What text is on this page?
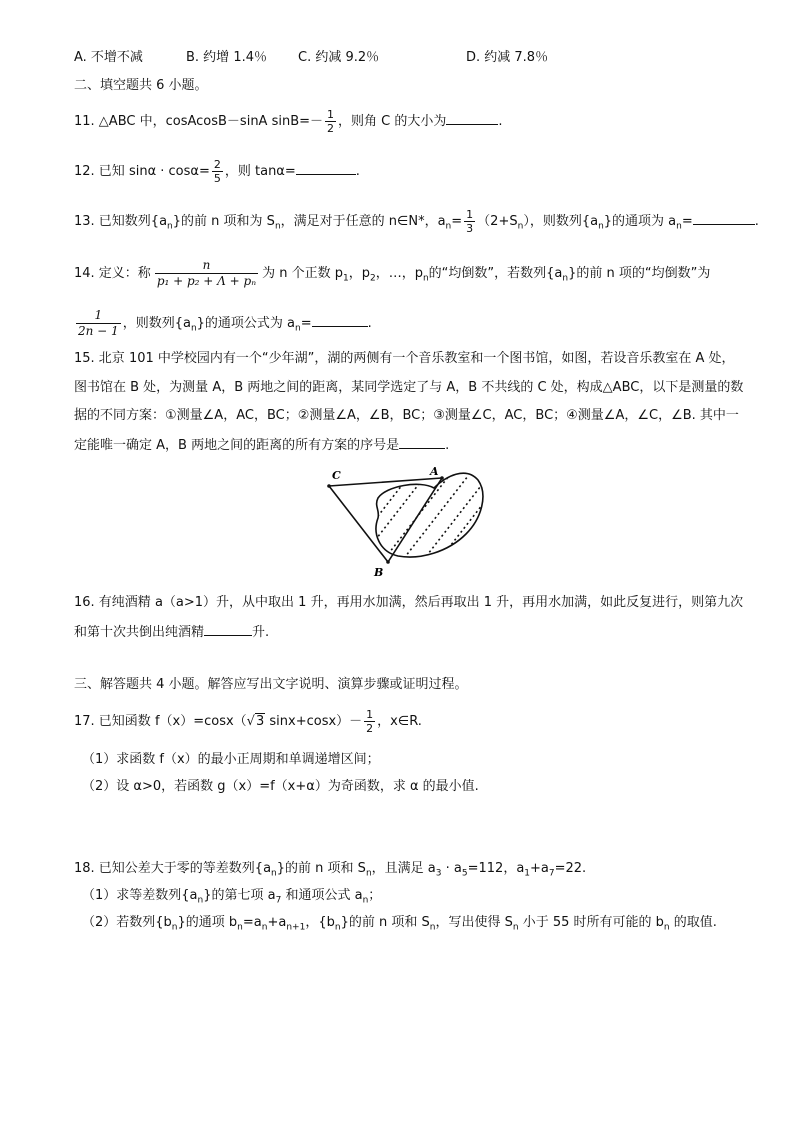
A. 不增不减	B. 约增 1.4％ C. 约减 9.2％	D. 约减 7.8％
二、填空题共 6 小题。
11. △ABC 中，cosAcosB－sinA $\sin B=- \frac{1}{2}$ ，则角 C 的大小为	.
12. 已知 $\sin\alpha \cdot \cos\alpha= \frac{2}{5}$ ，则 tanα=	.
13. 已知数列$\{a_n\}$的前 n 项和为 $S_n$，满足对于任意的 n∈N*，$a_n= \frac{1}{3} (2+S_n)$，则数列$\{a_n\}$的通项为 $a_n=$	.
14. 定义：称 $\frac{n}{\text{p₁ + p₂ + Λ + pₙ}}$ 为 n 个正数 $p_1$，$p_2$，…，$p_n$的“均倒数”，若数列$\{a_n\}$的前 n 项的“均倒数”为
$\frac{1}{2n - 1}$ ，则数列$\{a_n\}$的通项公式为 $a_n=$	.
15. 北京 101 中学校园内有一个“少年湖”，湖的两侧有一个音乐教室和一个图书馆，如图，若设音乐教室在 A 处，
图书馆在 B 处，为测量 A，B 两地之间的距离，某同学选定了与 A，B 不共线的 C 处，构成△ABC，以下是测量的数
据的不同方案：①测量∠A，AC，BC；②测量∠A，∠B，BC；③测量∠C，AC，BC；④测量∠A，∠C，∠B. 其中一
定能唯一确定 A，B 两地之间的距离的所有方案的序号是	.
C	A
B
16. 有纯酒精 a（a>1）升，从中取出 1 升，再用水加满，然后再取出 1 升，再用水加满，如此反复进行，则第九次
和第十次共倒出纯酒精	升.
三、解答题共 4 小题。解答应写出文字说明、演算步骤或证明过程。
17. 已知函数 f（x）=cosx（√3 $\sin x+\cos x)- \frac{1}{2}$ ，x∈R.
（1）求函数 f（x）的最小正周期和单调递增区间；
（2）设 α>0，若函数 g（x）=f（x+α）为奇函数，求 α 的最小值.
18. 已知公差大于零的等差数列$\{a_n\}$的前 n 项和 $S_n$，且满足 $a_3 \cdot a_5=112$，$a_1+a_7=22$.
（1）求等差数列$\{a_n\}$的第七项 $a_7$ 和通项公式 $a_n$；
（2）若数列$\{b_n\}$的通项 $b_n=a_n+a_{n+1}$，$\{b_n\}$的前 n 项和 $S_n$，写出使得 $S_n$ 小于 55 时所有可能的 $b_n$ 的取值.
